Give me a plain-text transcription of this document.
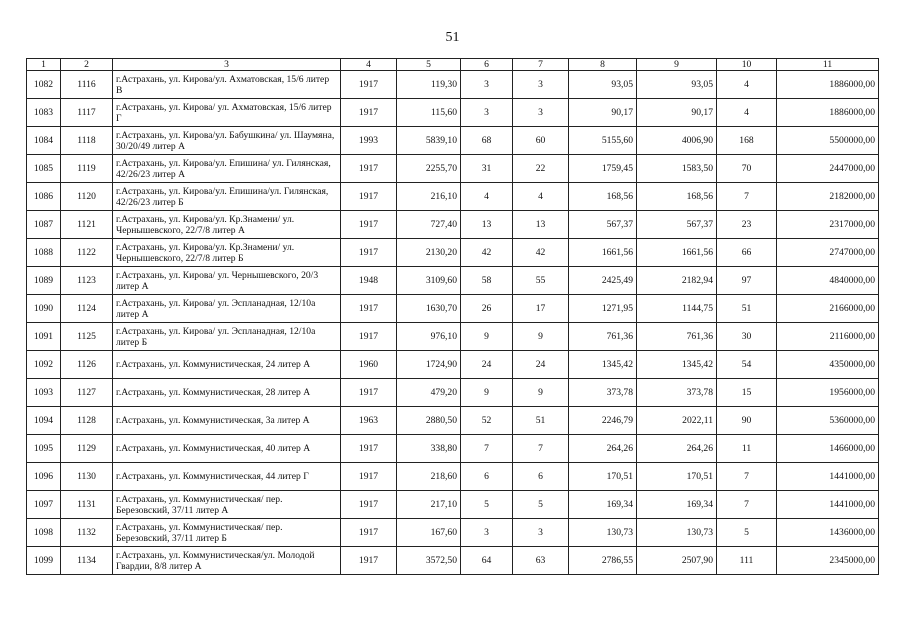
51
1	2	3	4	5	6	7	8	9	10	11
1082	1116	г.Астрахань, ул. Кирова/ул. Ахматовская, 15/6 литер В	1917	119,30	3	3	93,05	93,05	4	1886000,00
1083	1117	г.Астрахань, ул. Кирова/ ул. Ахматовская, 15/6 литер Г	1917	115,60	3	3	90,17	90,17	4	1886000,00
1084	1118	г.Астрахань, ул. Кирова/ул. Бабушкина/ ул. Шаумяна, 30/20/49 литер А	1993	5839,10	68	60	5155,60	4006,90	168	5500000,00
1085	1119	г.Астрахань, ул. Кирова/ул. Епишина/ ул. Гилянская, 42/26/23 литер А	1917	2255,70	31	22	1759,45	1583,50	70	2447000,00
1086	1120	г.Астрахань, ул. Кирова/ул. Епишина/ул. Гилянская, 42/26/23 литер Б	1917	216,10	4	4	168,56	168,56	7	2182000,00
1087	1121	г.Астрахань, ул. Кирова/ул. Кр.Знамени/ ул. Чернышевского, 22/7/8 литер А	1917	727,40	13	13	567,37	567,37	23	2317000,00
1088	1122	г.Астрахань, ул. Кирова/ул. Кр.Знамени/ ул. Чернышевского, 22/7/8 литер Б	1917	2130,20	42	42	1661,56	1661,56	66	2747000,00
1089	1123	г.Астрахань, ул. Кирова/ ул. Чернышевского, 20/3 литер А	1948	3109,60	58	55	2425,49	2182,94	97	4840000,00
1090	1124	г.Астрахань, ул. Кирова/ ул. Эспланадная, 12/10а литер А	1917	1630,70	26	17	1271,95	1144,75	51	2166000,00
1091	1125	г.Астрахань, ул. Кирова/ ул. Эспланадная, 12/10а литер Б	1917	976,10	9	9	761,36	761,36	30	2116000,00
1092	1126	г.Астрахань, ул. Коммунистическая, 24 литер А	1960	1724,90	24	24	1345,42	1345,42	54	4350000,00
1093	1127	г.Астрахань, ул. Коммунистическая, 28 литер А	1917	479,20	9	9	373,78	373,78	15	1956000,00
1094	1128	г.Астрахань, ул. Коммунистическая, 3а литер А	1963	2880,50	52	51	2246,79	2022,11	90	5360000,00
1095	1129	г.Астрахань, ул. Коммунистическая, 40 литер А	1917	338,80	7	7	264,26	264,26	11	1466000,00
1096	1130	г.Астрахань, ул. Коммунистическая, 44 литер Г	1917	218,60	6	6	170,51	170,51	7	1441000,00
1097	1131	г.Астрахань, ул. Коммунистическая/ пер. Березовский, 37/11 литер А	1917	217,10	5	5	169,34	169,34	7	1441000,00
1098	1132	г.Астрахань, ул. Коммунистическая/ пер. Березовский, 37/11 литер Б	1917	167,60	3	3	130,73	130,73	5	1436000,00
1099	1134	г.Астрахань, ул. Коммунистическая/ул. Молодой Гвардии, 8/8 литер А	1917	3572,50	64	63	2786,55	2507,90	111	2345000,00
